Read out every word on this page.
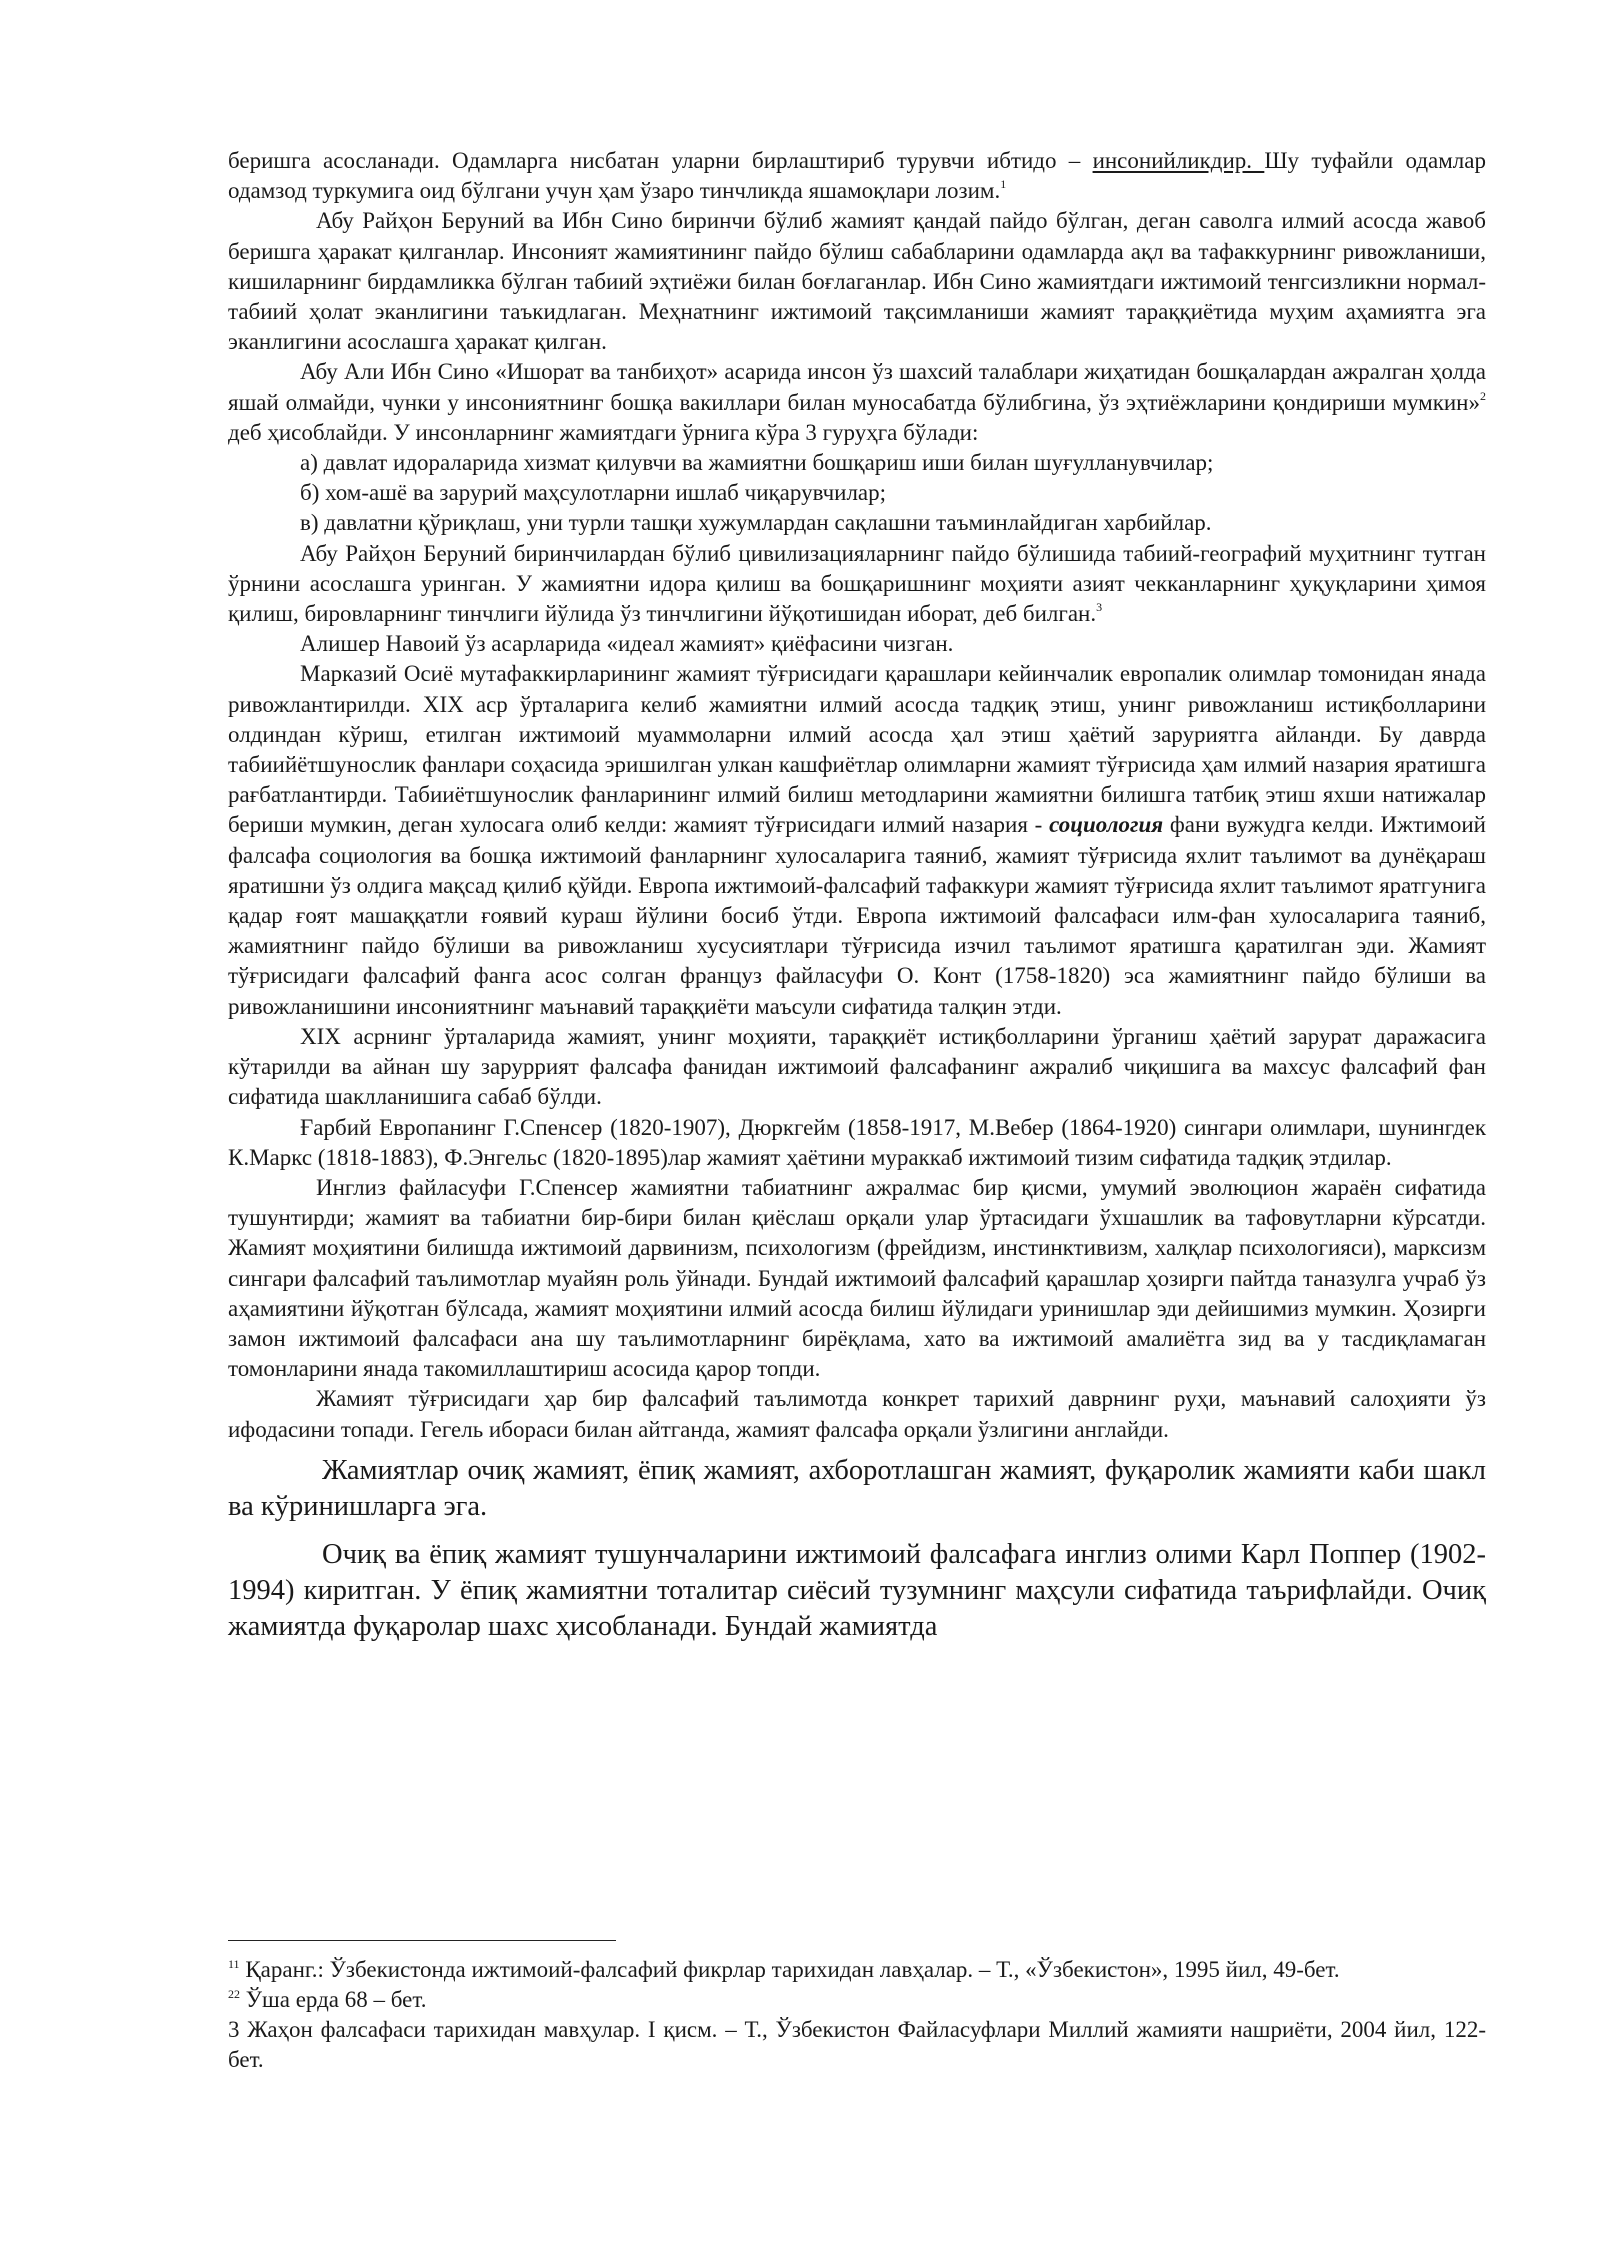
беришга асосланади. Одамларга нисбатан уларни бирлаштириб турувчи ибтидо – инсонийликдир. Шу туфайли одамлар одамзод туркумига оид бўлгани учун ҳам ўзаро тинчликда яшамоқлари лозим.$^1$

Абу Райҳон Беруний ва Ибн Сино биринчи бўлиб жамият қандай пайдо бўлган, деган саволга илмий асосда жавоб беришга ҳаракат қилганлар. Инсоният жамиятининг пайдо бўлиш сабабларини одамларда ақл ва тафаккурнинг ривожланиши, кишиларнинг бирдамликка бўлган табиий эҳтиёжи билан боғлаганлар. Ибн Сино жамиятдаги ижтимоий тенгсизликни нормал-табиий ҳолат эканлигини таъкидлаган. Меҳнатнинг ижтимоий тақсимланиши жамият тараққиётида муҳим аҳамиятга эга эканлигини асослашга ҳаракат қилган.

Абу Али Ибн Сино «Ишорат ва танбиҳот» асарида инсон ўз шахсий талаблари жиҳатидан бошқалардан ажралган ҳолда яшай олмайди, чунки у инсониятнинг бошқа вакиллари билан муносабатда бўлибгина, ўз эҳтиёжларини қондириши мумкин»$^2$ деб ҳисоблайди. У инсонларнинг жамиятдаги ўрнига кўра 3 гуруҳга бўлади:

а) давлат идораларида хизмат қилувчи ва жамиятни бошқариш иши билан шуғулланувчилар;

б) хом-ашё ва зарурий маҳсулотларни ишлаб чиқарувчилар;

в) давлатни қўриқлаш, уни турли ташқи хужумлардан сақлашни таъминлайдиган харбийлар.

Абу Райҳон Беруний биринчилардан бўлиб цивилизацияларнинг пайдо бўлишида табиий-географий муҳитнинг тутган ўрнини асослашга уринган. У жамиятни идора қилиш ва бошқаришнинг моҳияти азият чекканларнинг ҳуқуқларини ҳимоя қилиш, бировларнинг тинчлиги йўлида ўз тинчлигини йўқотишидан иборат, деб билган.$^3$

Алишер Навоий ўз асарларида «идеал жамият» қиёфасини чизган.

Марказий Осиё мутафаккирларининг жамият тўғрисидаги қарашлари кейинчалик европалик олимлар томонидан янада ривожлантирилди. XIX аср ўрталарига келиб жамиятни илмий асосда тадқиқ этиш, унинг ривожланиш истиқболларини олдиндан кўриш, етилган ижтимоий муаммоларни илмий асосда ҳал этиш ҳаётий заруриятга айланди. Бу даврда табиийётшунослик фанлари соҳасида эришилган улкан кашфиётлар олимларни жамият тўғрисида ҳам илмий назария яратишга рағбатлантирди. Табииётшунослик фанларининг илмий билиш методларини жамиятни билишга татбиқ этиш яхши натижалар бериши мумкин, деган хулосага олиб келди: жамият тўғрисидаги илмий назария - социология фани вужудга келди. Ижтимоий фалсафа социология ва бошқа ижтимоий фанларнинг хулосаларига таяниб, жамият тўғрисида яхлит таълимот ва дунёқараш яратишни ўз олдига мақсад қилиб қўйди. Европа ижтимоий-фалсафий тафаккури жамият тўғрисида яхлит таълимот яратгунига қадар ғоят машаққатли ғоявий кураш йўлини босиб ўтди. Европа ижтимоий фалсафаси илм-фан хулосаларига таяниб, жамиятнинг пайдо бўлиши ва ривожланиш хусусиятлари тўғрисида изчил таълимот яратишга қаратилган эди. Жамият тўғрисидаги фалсафий фанга асос солган француз файласуфи О. Конт (1758-1820) эса жамиятнинг пайдо бўлиши ва ривожланишини инсониятнинг маънавий тараққиёти маъсули сифатида талқин этди.

XIX асрнинг ўрталарида жамият, унинг моҳияти, тараққиёт истиқболларини ўрганиш ҳаётий зарурат даражасига кўтарилди ва айнан шу заруррият фалсафа фанидан ижтимоий фалсафанинг ажралиб чиқишига ва махсус фалсафий фан сифатида шаклланишига сабаб бўлди.

Ғарбий Европанинг Г.Спенсер (1820-1907), Дюркгейм (1858-1917, М.Вебер (1864-1920) сингари олимлари, шунингдек К.Маркс (1818-1883), Ф.Энгельс (1820-1895)лар жамият ҳаётини мураккаб ижтимоий тизим сифатида тадқиқ этдилар.

Инглиз файласуфи Г.Спенсер жамиятни табиатнинг ажралмас бир қисми, умумий эволюцион жараён сифатида тушунтирди; жамият ва табиатни бир-бири билан қиёслаш орқали улар ўртасидаги ўхшашлик ва тафовутларни кўрсатди. Жамият моҳиятини билишда ижтимоий дарвинизм, психологизм (фрейдизм, инстинктивизм, халқлар психологияси), марксизм сингари фалсафий таълимотлар муайян роль ўйнади. Бундай ижтимоий фалсафий қарашлар ҳозирги пайтда таназулга учраб ўз аҳамиятини йўқотган бўлсада, жамият моҳиятини илмий асосда билиш йўлидаги уринишлар эди дейишимиз мумкин. Ҳозирги замон ижтимоий фалсафаси ана шу таълимотларнинг бирёқлама, хато ва ижтимоий амалиётга зид ва у тасдиқламаган томонларини янада такомиллаштириш асосида қарор топди.

Жамият тўғрисидаги ҳар бир фалсафий таълимотда конкрет тарихий даврнинг руҳи, маънавий салоҳияти ўз ифодасини топади. Гегель ибораси билан айтганда, жамият фалсафа орқали ўзлигини англайди.

Жамиятлар очиқ жамият, ёпиқ жамият, ахборотлашган жамият, фуқаролик жамияти каби шакл ва кўринишларга эга.

Очиқ ва ёпиқ жамият тушунчаларини ижтимоий фалсафага инглиз олими Карл Поппер (1902-1994) киритган. У ёпиқ жамиятни тоталитар сиёсий тузумнинг маҳсули сифатида таърифлайди. Очиқ жамиятда фуқаролар шахс ҳисобланади. Бундай жамиятда

$^{11}$ Қаранг.: Ўзбекистонда ижтимоий-фалсафий фикрлар тарихидан лавҳалар. – Т., «Ўзбекистон», 1995 йил, 49-бет.

$^{22}$ Ўша ерда 68 – бет.

3 Жаҳон фалсафаси тарихидан мавҳулар. I қисм. – Т., Ўзбекистон Файласуфлари Миллий жамияти нашриёти, 2004 йил, 122-бет.
